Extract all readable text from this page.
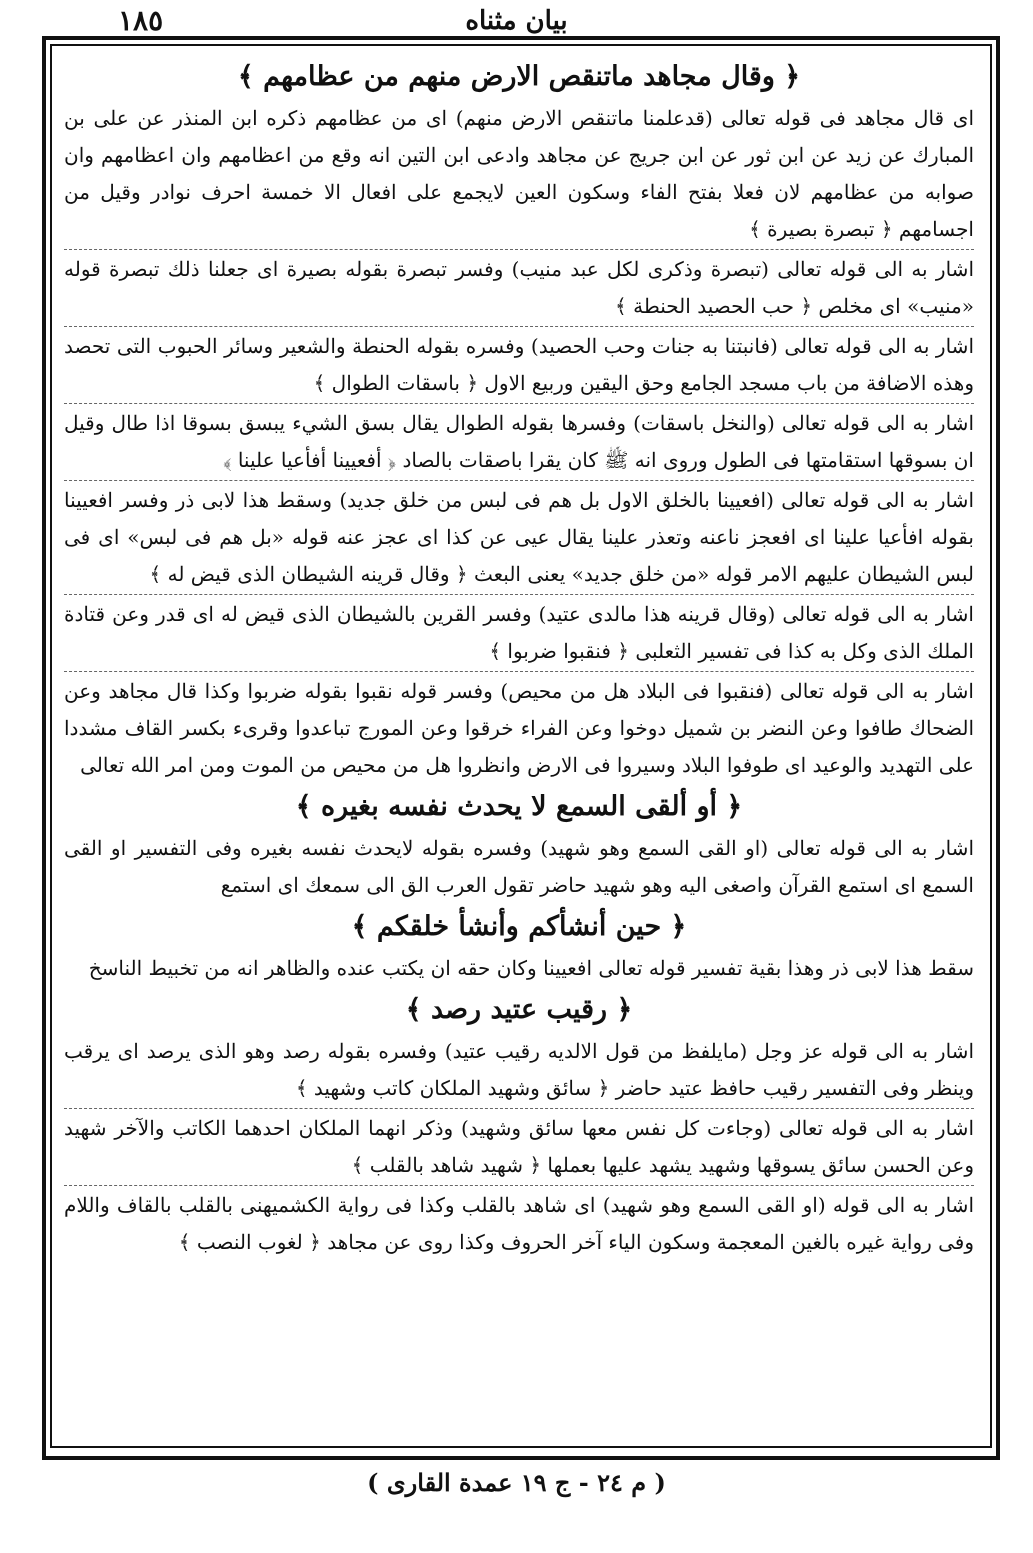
١٨٥	بيان مثناه
﴿ وقال مجاهد ماتنقص الارض منهم من عظامهم ﴾
اى قال مجاهد فى قوله تعالى (قدعلمنا ماتنقص الارض منهم) اى من عظامهم ذكره ابن المنذر عن على بن المبارك عن زيد عن ابن ثور عن ابن جريج عن مجاهد وادعى ابن التين انه وقع من اعظامهم وان اعظامهم وان صوابه من عظامهم لان فعلا بفتح الفاء وسكون العين لايجمع على افعال الا خمسة احرف نوادر وقيل من اجسامهم ﴿ تبصرة بصيرة ﴾
اشار به الى قوله تعالى (تبصرة وذكرى لكل عبد منيب) وفسر تبصرة بقوله بصيرة اى جعلنا ذلك تبصرة قوله «منيب» اى مخلص ﴿ حب الحصيد الحنطة ﴾
اشار به الى قوله تعالى (فانبتنا به جنات وحب الحصيد) وفسره بقوله الحنطة والشعير وسائر الحبوب التى تحصد وهذه الاضافة من باب مسجد الجامع وحق اليقين وربيع الاول ﴿ باسقات الطوال ﴾
اشار به الى قوله تعالى (والنخل باسقات) وفسرها بقوله الطوال يقال بسق الشيء يبسق بسوقا اذا طال وقيل ان بسوقها استقامتها فى الطول وروى انه ﷺ كان يقرا باصقات بالصاد ﴿ أفعيينا أفأعيا علينا ﴾
اشار به الى قوله تعالى (افعيينا بالخلق الاول بل هم فى لبس من خلق جديد) وسقط هذا لابى ذر وفسر افعيينا بقوله افأعيا علينا اى افعجز ناعنه وتعذر علينا يقال عيى عن كذا اى عجز عنه قوله «بل هم فى لبس» اى فى لبس الشيطان عليهم الامر قوله «من خلق جديد» يعنى البعث ﴿ وقال قرينه الشيطان الذى قيض له ﴾
اشار به الى قوله تعالى (وقال قرينه هذا مالدى عتيد) وفسر القرين بالشيطان الذى قيض له اى قدر وعن قتادة الملك الذى وكل به كذا فى تفسير الثعلبى ﴿ فنقبوا ضربوا ﴾
اشار به الى قوله تعالى (فنقبوا فى البلاد هل من محيص) وفسر قوله نقبوا بقوله ضربوا وكذا قال مجاهد وعن الضحاك طافوا وعن النضر بن شميل دوخوا وعن الفراء خرقوا وعن المورج تباعدوا وقرىء بكسر القاف مشددا على التهديد والوعيد اى طوفوا البلاد وسيروا فى الارض وانظروا هل من محيص من الموت ومن امر الله تعالى
﴿ أو ألقى السمع لا يحدث نفسه بغيره ﴾
اشار به الى قوله تعالى (او القى السمع وهو شهيد) وفسره بقوله لايحدث نفسه بغيره وفى التفسير او القى السمع اى استمع القرآن واصغى اليه وهو شهيد حاضر تقول العرب الق الى سمعك اى استمع
﴿ حين أنشأكم وأنشأ خلقكم ﴾
سقط هذا لابى ذر وهذا بقية تفسير قوله تعالى افعيينا وكان حقه ان يكتب عنده والظاهر انه من تخبيط الناسخ
﴿ رقيب عتيد رصد ﴾
اشار به الى قوله عز وجل (مايلفظ من قول الالديه رقيب عتيد) وفسره بقوله رصد وهو الذى يرصد اى يرقب وينظر وفى التفسير رقيب حافظ عتيد حاضر ﴿ سائق وشهيد الملكان كاتب وشهيد ﴾
اشار به الى قوله تعالى (وجاءت كل نفس معها سائق وشهيد) وذكر انهما الملكان احدهما الكاتب والآخر شهيد وعن الحسن سائق يسوقها وشهيد يشهد عليها بعملها ﴿ شهيد شاهد بالقلب ﴾
اشار به الى قوله (او القى السمع وهو شهيد) اى شاهد بالقلب وكذا فى رواية الكشميهنى بالقلب بالقاف واللام وفى رواية غيره بالغين المعجمة وسكون الياء آخر الحروف وكذا روى عن مجاهد ﴿ لغوب النصب ﴾
( م ٢٤ - ج ١٩ عمدة القارى )
